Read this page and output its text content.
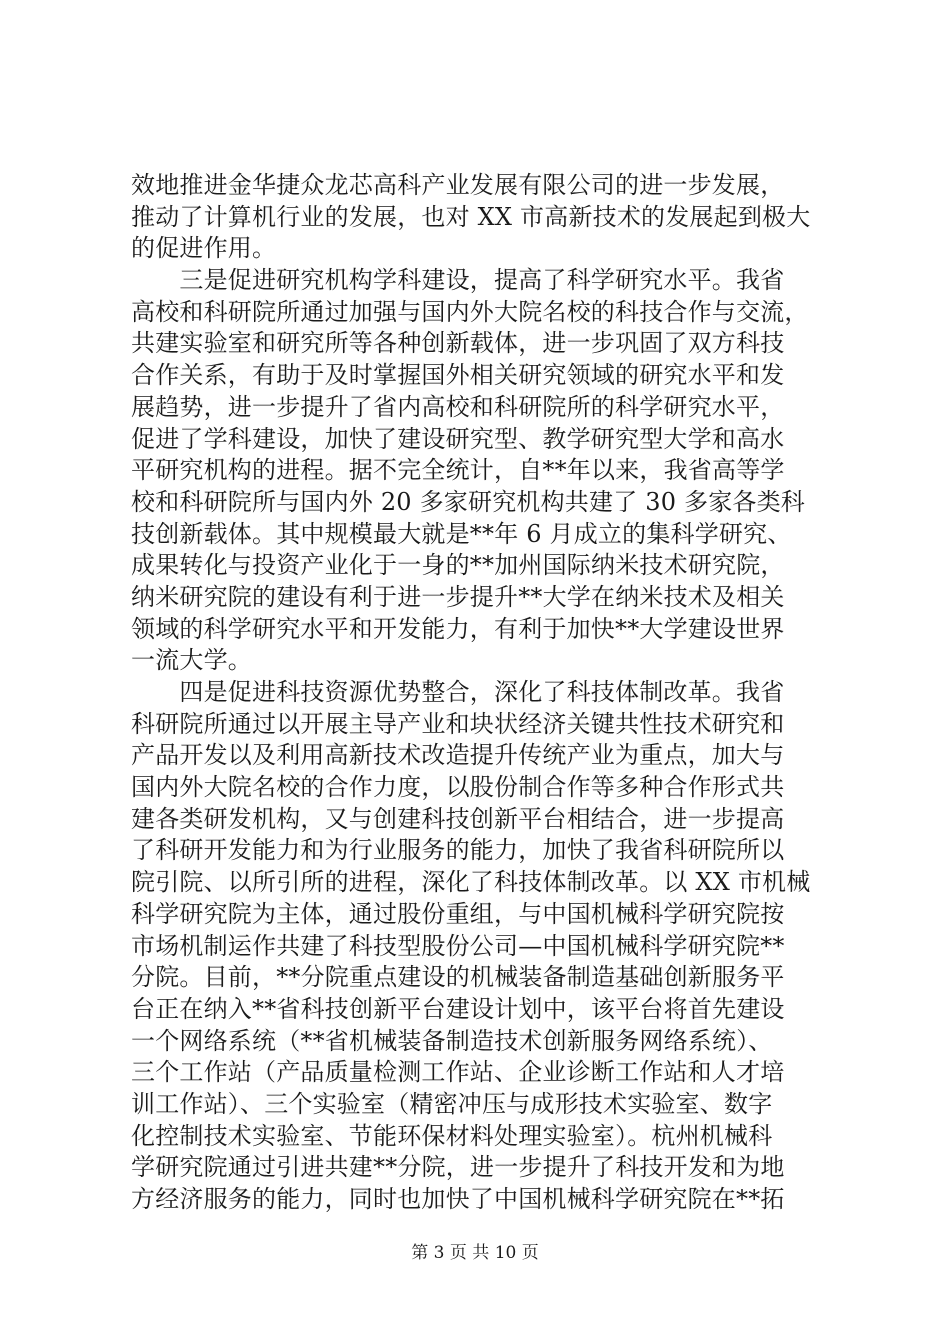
效地推进金华捷众龙芯高科产业发展有限公司的进一步发展，
推动了计算机行业的发展，也对 XX 市高新技术的发展起到极大
的促进作用。
　　三是促进研究机构学科建设，提高了科学研究水平。我省
高校和科研院所通过加强与国内外大院名校的科技合作与交流，
共建实验室和研究所等各种创新载体，进一步巩固了双方科技
合作关系，有助于及时掌握国外相关研究领域的研究水平和发
展趋势，进一步提升了省内高校和科研院所的科学研究水平，
促进了学科建设，加快了建设研究型、教学研究型大学和高水
平研究机构的进程。据不完全统计，自**年以来，我省高等学
校和科研院所与国内外 20 多家研究机构共建了 30 多家各类科
技创新载体。其中规模最大就是**年 6 月成立的集科学研究、
成果转化与投资产业化于一身的**加州国际纳米技术研究院，
纳米研究院的建设有利于进一步提升**大学在纳米技术及相关
领域的科学研究水平和开发能力，有利于加快**大学建设世界
一流大学。
　　四是促进科技资源优势整合，深化了科技体制改革。我省
科研院所通过以开展主导产业和块状经济关键共性技术研究和
产品开发以及利用高新技术改造提升传统产业为重点，加大与
国内外大院名校的合作力度，以股份制合作等多种合作形式共
建各类研发机构，又与创建科技创新平台相结合，进一步提高
了科研开发能力和为行业服务的能力，加快了我省科研院所以
院引院、以所引所的进程，深化了科技体制改革。以 XX 市机械
科学研究院为主体，通过股份重组，与中国机械科学研究院按
市场机制运作共建了科技型股份公司—中国机械科学研究院**
分院。目前，**分院重点建设的机械装备制造基础创新服务平
台正在纳入**省科技创新平台建设计划中，该平台将首先建设
一个网络系统（**省机械装备制造技术创新服务网络系统）、
三个工作站（产品质量检测工作站、企业诊断工作站和人才培
训工作站）、三个实验室（精密冲压与成形技术实验室、数字
化控制技术实验室、节能环保材料处理实验室）。杭州机械科
学研究院通过引进共建**分院，进一步提升了科技开发和为地
方经济服务的能力，同时也加快了中国机械科学研究院在**拓
第 3 页 共 10 页
